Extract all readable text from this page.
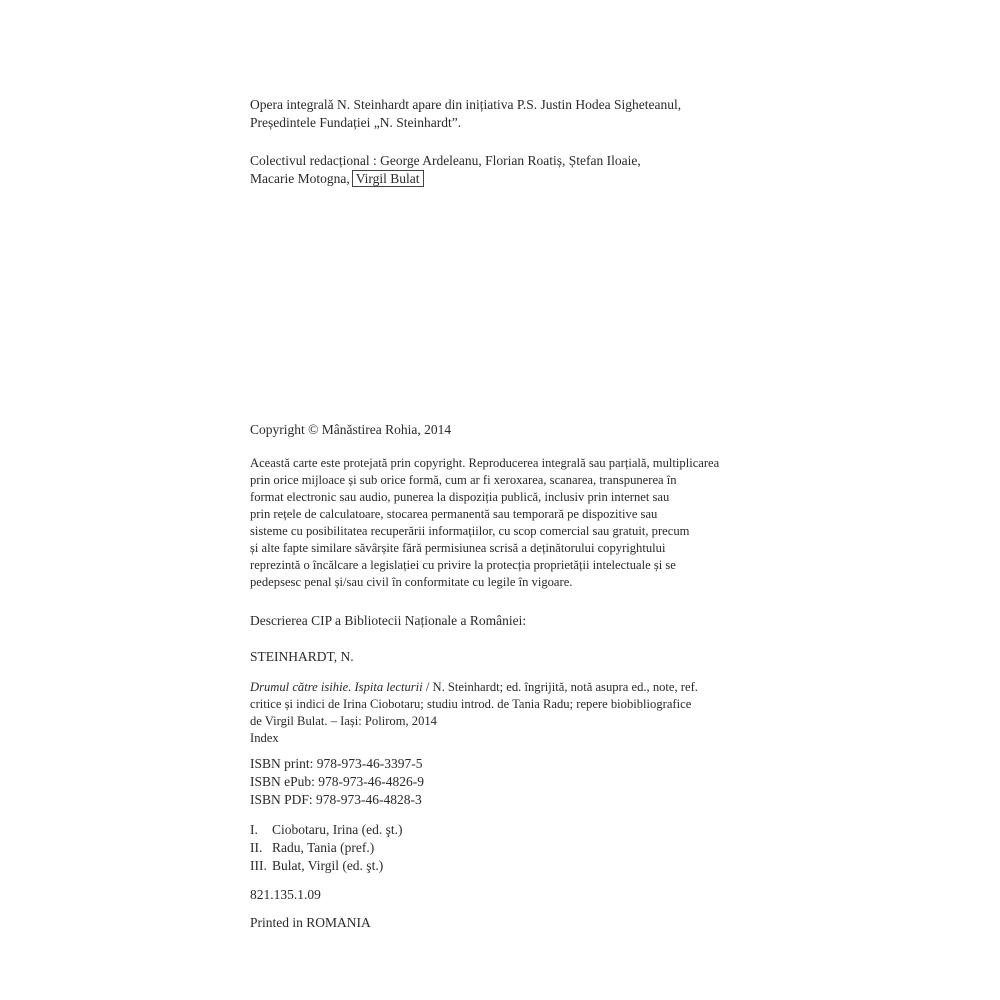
Opera integrală N. Steinhardt apare din inițiativa P.S. Justin Hodea Sigheteanul,

Președintele Fundației „N. Steinhardt”.

Colectivul redacțional : George Ardeleanu, Florian Roatiș, Ștefan Iloaie,

Macarie Motogna, Virgil Bulat

Copyright © Mânăstirea Rohia, 2014

Această carte este protejată prin copyright. Reproducerea integrală sau parțială, multiplicarea

prin orice mijloace și sub orice formă, cum ar fi xeroxarea, scanarea, transpunerea în

format electronic sau audio, punerea la dispoziția publică, inclusiv prin internet sau

prin rețele de calculatoare, stocarea permanentă sau temporară pe dispozitive sau

sisteme cu posibilitatea recuperării informațiilor, cu scop comercial sau gratuit, precum

și alte fapte similare săvârșite fără permisiunea scrisă a deținătorului copyrightului

reprezintă o încălcare a legislației cu privire la protecția proprietății intelectuale și se

pedepsesc penal și/sau civil în conformitate cu legile în vigoare.

Descrierea CIP a Bibliotecii Naționale a României:

STEINHARDT, N.

Drumul către isihie. Ispita lecturii / N. Steinhardt; ed. îngrijită, notă asupra ed., note, ref.

critice și indici de Irina Ciobotaru; studiu introd. de Tania Radu; repere biobibliografice

de Virgil Bulat. – Iași: Polirom, 2014

Index

ISBN print: 978-973-46-3397-5

ISBN ePub: 978-973-46-4826-9

ISBN PDF: 978-973-46-4828-3

I.	Ciobotaru, Irina (ed. şt.)

II. Radu, Tania (pref.)

III. Bulat, Virgil (ed. şt.)

821.135.1.09

Printed in ROMANIA
